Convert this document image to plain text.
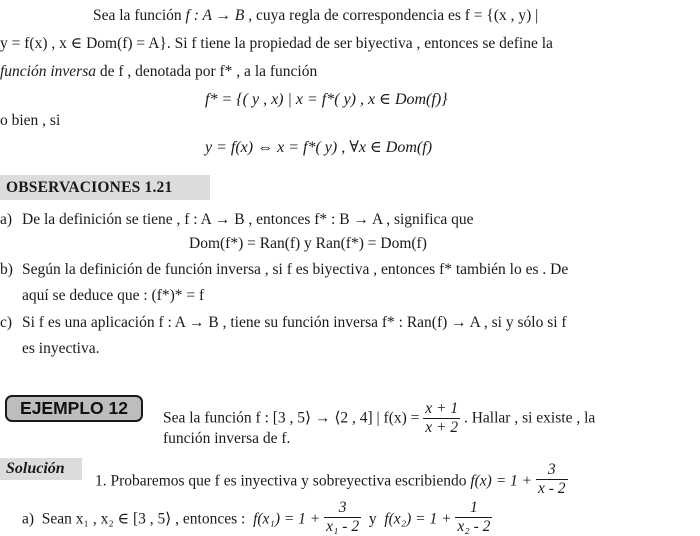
Sea la función f : A → B , cuya regla de correspondencia es f = {(x , y) |
y = f(x) , x ∈ Dom(f) = A}. Si f tiene la propiedad de ser biyectiva , entonces se define la
función inversa de f , denotada por f* , a la función
f* = {( y , x) | x = f*( y) , x ∈ Dom(f)}
o bien , si
y = f(x) ⇔ x = f*( y) , ∀x ∈ Dom(f)
OBSERVACIONES 1.21
a) De la definición se tiene , f : A → B , entonces f* : B → A , significa que
Dom(f*) = Ran(f) y Ran(f*) = Dom(f)
b) Según la definición de función inversa , si f es biyectiva , entonces f* también lo es . De
aquí se deduce que : (f*)* = f
c) Si f es una aplicación f : A → B , tiene su función inversa f* : Ran(f) → A , si y sólo si f
es inyectiva.
EJEMPLO 12
Sea la función f : [3 , 5⟩ → ⟨2 , 4] | $f(x) = \frac{x + 1}{x + 2}$ . Hallar , si existe , la
función inversa de f.
Solución
1. Probaremos que f es inyectiva y sobreyectiva escribiendo $f(x) = 1 + \frac{3}{x - 2}$
a) Sean x₁ , x₂ ∈ [3 , 5⟩ , entonces : $f(x_1) = 1 + \frac{3}{\text{x₁ - 2}}$ y $f(x_2) = 1 + \frac{1}{\text{x₂ - 2}}$
